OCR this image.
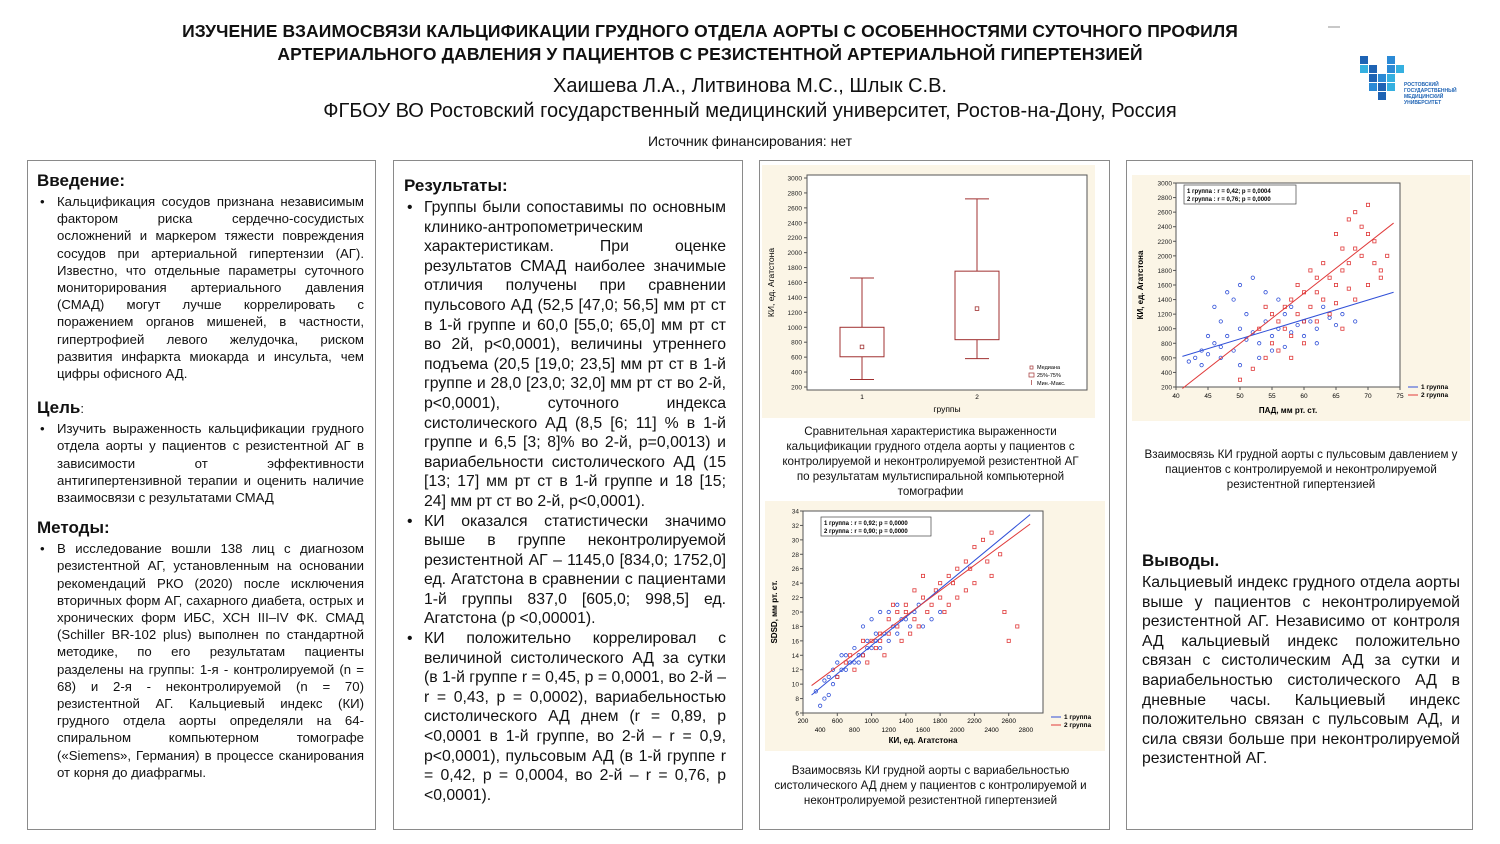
ИЗУЧЕНИЕ ВЗАИМОСВЯЗИ КАЛЬЦИФИКАЦИИ ГРУДНОГО ОТДЕЛА АОРТЫ С ОСОБЕННОСТЯМИ СУТОЧНОГО ПРОФИЛЯ
АРТЕРИАЛЬНОГО ДАВЛЕНИЯ У ПАЦИЕНТОВ С РЕЗИСТЕНТНОЙ АРТЕРИАЛЬНОЙ ГИПЕРТЕНЗИЕЙ
Хаишева Л.А., Литвинова М.С., Шлык С.В.
ФГБОУ ВО Ростовский государственный медицинский университет, Ростов-на-Дону, Россия
Источник финансирования: нет
РОСТОВСКИЙ ГОСУДАРСТВЕННЫЙ МЕДИЦИНСКИЙ УНИВЕРСИТЕТ
Введение:
• Кальцификация сосудов признана независимым фактором риска сердечно-сосудистых осложнений и маркером тяжести повреждения сосудов при артериальной гипертензии (АГ). Известно, что отдельные параметры суточного мониторирования артериального давления (СМАД) могут лучше коррелировать с поражением органов мишеней, в частности, гипертрофией левого желудочка, риском развития инфаркта миокарда и инсульта, чем цифры офисного АД.
Цель:
• Изучить выраженность кальцификации грудного отдела аорты у пациентов с резистентной АГ в зависимости от эффективности антигипертензивной терапии и оценить наличие взаимосвязи с результатами СМАД
Методы:
• В исследование вошли 138 лиц с диагнозом резистентной АГ, установленным на основании рекомендаций РКО (2020) после исключения вторичных форм АГ, сахарного диабета, острых и хронических форм ИБС, ХСН III–IV ФК. СМАД (Schiller BR-102 plus) выполнен по стандартной методике, по его результатам пациенты разделены на группы: 1-я - контролируемой (n = 68) и 2-я - неконтролируемой (n = 70) резистентной АГ. Кальциевый индекс (КИ) грудного отдела аорты определяли на 64-спиральном компьютерном томографе («Siemens», Германия) в процессе сканирования от корня до диафрагмы.
Результаты:
• Группы были сопоставимы по основным клинико-антропометрическим характеристикам. При оценке результатов СМАД наиболее значимые отличия получены при сравнении пульсового АД (52,5 [47,0; 56,5] мм рт ст в 1-й группе и 60,0 [55,0; 65,0] мм рт ст во 2й, р<0,0001), величины утреннего подъема (20,5 [19,0; 23,5] мм рт ст в 1-й группе и 28,0 [23,0; 32,0] мм рт ст во 2-й, р<0,0001), суточного индекса систолического АД (8,5 [6; 11] % в 1-й группе и 6,5 [3; 8]% во 2-й, р=0,0013) и вариабельности систолического АД (15 [13; 17] мм рт ст в 1-й группе и 18 [15; 24] мм рт ст во 2-й, р<0,0001).
• КИ оказался статистически значимо выше в группе неконтролируемой резистентной АГ – 1145,0 [834,0; 1752,0] ед. Агатстона в сравнении с пациентами 1-й группы 837,0 [605,0; 998,5] ед. Агатстона (р <0,00001).
• КИ положительно коррелировал с величиной систолического АД за сутки (в 1-й группе r = 0,45, р = 0,0001, во 2-й – r = 0,43, р = 0,0002), вариабельностью систолического АД днем (r = 0,89, р <0,0001 в 1-й группе, во 2-й – r = 0,9, р<0,0001), пульсовым АД (в 1-й группе r = 0,42, р = 0,0004, во 2-й – r = 0,76, р <0,0001).
3000
2800
2600
2400
2200
2000
1800
1600
1400
1200
1000
800
600
400
200
1	2
группы
КИ, ед. Агатстона
Медиана
25%-75%
Мин.-Макс.
Сравнительная характеристика выраженности кальцификации грудного отдела аорты у пациентов с контролируемой и неконтролируемой резистентной АГ по результатам мультиспиральной компьютерной томографии
34
32
30
28
26
24
22
20
18
16
14
12
10
8
6
200	600	1000	1400	1800	2200	2600
400	800	1200	1600	2000	2400	2800
КИ, ед. Агатстона
SDSD, мм рт. ст.
1 группа : r = 0,92; p = 0,0000
2 группа : r = 0,90; p = 0,0000
1 группа
2 группа
Взаимосвязь КИ грудной аорты с вариабельностью систолического АД днем у пациентов с контролируемой и неконтролируемой резистентной гипертензией
3000
2800
2600
2400
2200
2000
1800
1600
1400
1200
1000
800
600
400
200
40	45	50	55	60	65	70	75
ПАД, мм рт. ст.
КИ, ед. Агатстона
1 группа : r = 0,42; p = 0,0004
2 группа : r = 0,76; p = 0,0000
1 группа
2 группа
Взаимосвязь КИ грудной аорты с пульсовым давлением у пациентов с контролируемой и неконтролируемой резистентной гипертензией
Выводы.
Кальциевый индекс грудного отдела аорты выше у пациентов с неконтролируемой резистентной АГ. Независимо от контроля АД кальциевый индекс положительно связан с систолическим АД за сутки и вариабельностью систолического АД в дневные часы. Кальциевый индекс положительно связан с пульсовым АД, и сила связи больше при неконтролируемой резистентной АГ.
